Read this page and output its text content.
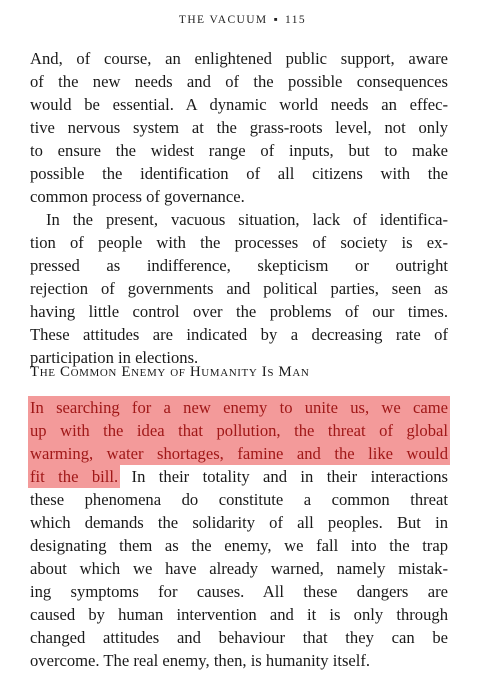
THE VACUUM ▪ 115
And, of course, an enlightened public support, aware
of the new needs and of the possible consequences
would be essential. A dynamic world needs an effec-
tive nervous system at the grass-roots level, not only
to ensure the widest range of inputs, but to make
possible the identification of all citizens with the
common process of governance.
In the present, vacuous situation, lack of identifica-
tion of people with the processes of society is ex-
pressed as indifference, skepticism or outright
rejection of governments and political parties, seen as
having little control over the problems of our times.
These attitudes are indicated by a decreasing rate of
participation in elections.
The Common Enemy of Humanity Is Man
In searching for a new enemy to unite us, we came
up with the idea that pollution, the threat of global
warming, water shortages, famine and the like would
fit the bill. In their totality and in their interactions
these phenomena do constitute a common threat
which demands the solidarity of all peoples. But in
designating them as the enemy, we fall into the trap
about which we have already warned, namely mistak-
ing symptoms for causes. All these dangers are
caused by human intervention and it is only through
changed attitudes and behaviour that they can be
overcome. The real enemy, then, is humanity itself.
